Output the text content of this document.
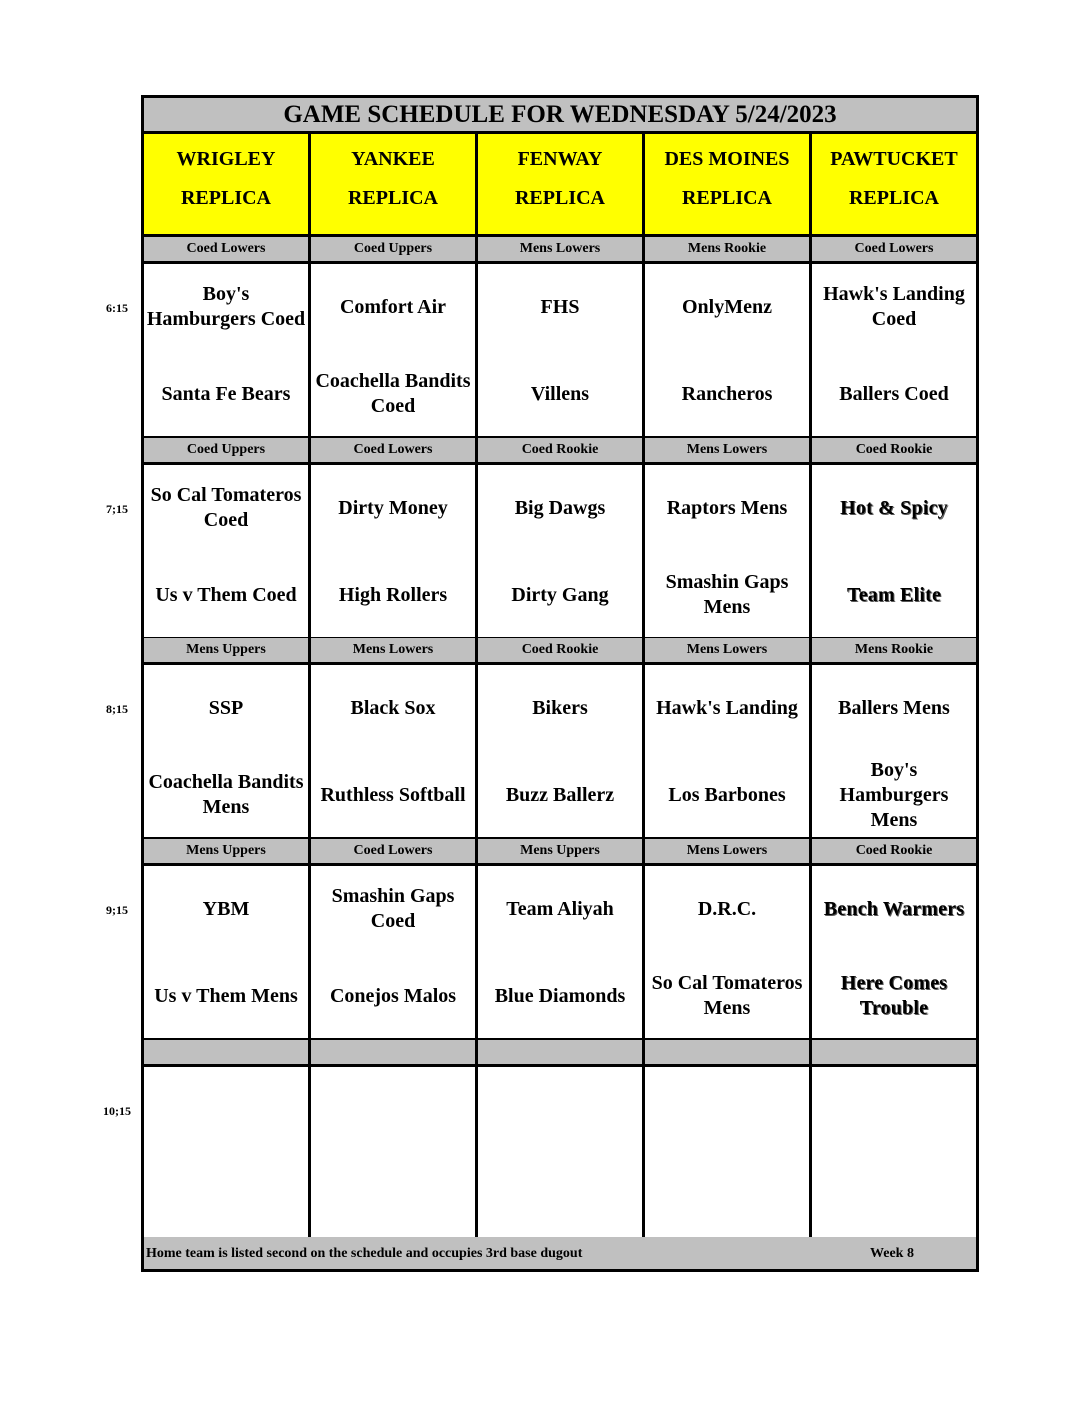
GAME SCHEDULE FOR WEDNESDAY 5/24/2023
WRIGLEY
REPLICA
YANKEE
REPLICA
FENWAY
REPLICA
DES MOINES
REPLICA
PAWTUCKET
REPLICA
Coed Lowers
Boy's Hamburgers Coed
Santa Fe Bears
Coed Uppers
Comfort Air
Coachella Bandits Coed
Mens Lowers
FHS
Villens
Mens Rookie
OnlyMenz
Rancheros
Coed Lowers
Hawk's Landing Coed
Ballers Coed
Coed Uppers
So Cal Tomateros Coed
Us v Them Coed
Coed Lowers
Dirty Money
High Rollers
Coed Rookie
Big Dawgs
Dirty Gang
Mens Lowers
Raptors Mens
Smashin Gaps Mens
Coed Rookie
Hot & Spicy
Team Elite
Mens Uppers
SSP
Coachella Bandits Mens
Mens Lowers
Black Sox
Ruthless Softball
Coed Rookie
Bikers
Buzz Ballerz
Mens Lowers
Hawk's Landing
Los Barbones
Mens Rookie
Ballers Mens
Boy's Hamburgers Mens
Mens Uppers
YBM
Us v Them Mens
Coed Lowers
Smashin Gaps Coed
Conejos Malos
Mens Uppers
Team Aliyah
Blue Diamonds
Mens Lowers
D.R.C.
So Cal Tomateros Mens
Coed Rookie
Bench Warmers
Here Comes Trouble
Home team is listed second on the schedule and occupies 3rd base dugout	Week 8
6:15
7;15
8;15
9;15
10;15
